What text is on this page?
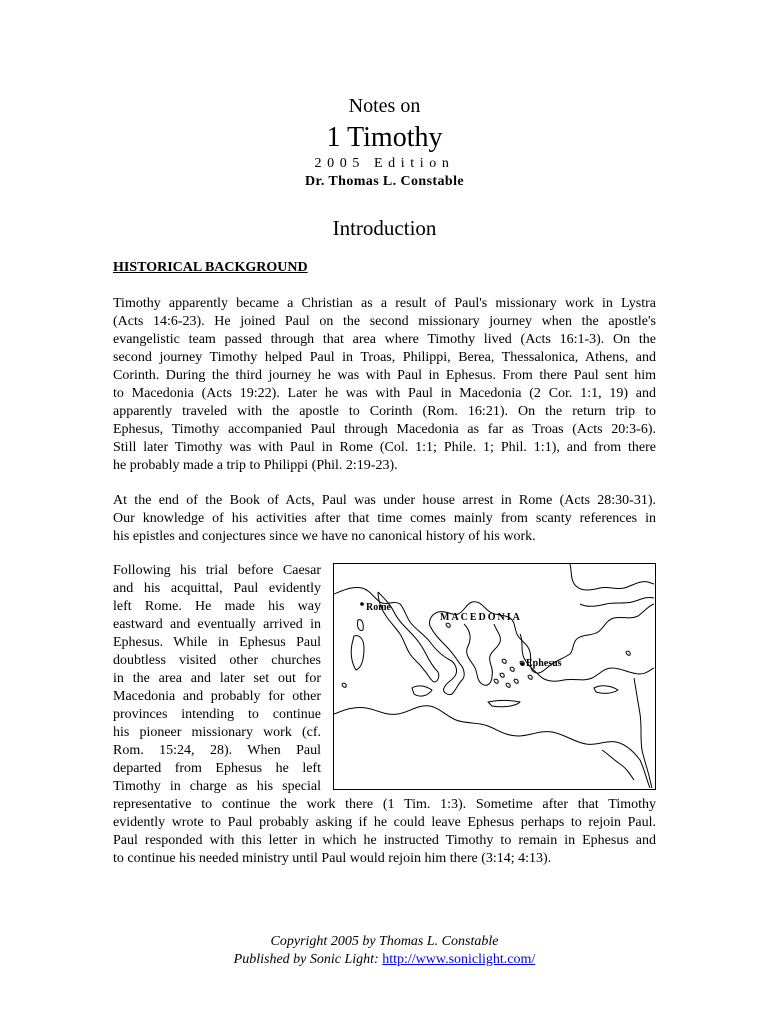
Notes on
1 Timothy
2005 Edition
Dr. Thomas L. Constable
Introduction
HISTORICAL BACKGROUND
Timothy apparently became a Christian as a result of Paul's missionary work in Lystra
(Acts 14:6-23). He joined Paul on the second missionary journey when the apostle's
evangelistic team passed through that area where Timothy lived (Acts 16:1-3). On the
second journey Timothy helped Paul in Troas, Philippi, Berea, Thessalonica, Athens, and
Corinth. During the third journey he was with Paul in Ephesus. From there Paul sent him
to Macedonia (Acts 19:22). Later he was with Paul in Macedonia (2 Cor. 1:1, 19) and
apparently traveled with the apostle to Corinth (Rom. 16:21). On the return trip to
Ephesus, Timothy accompanied Paul through Macedonia as far as Troas (Acts 20:3-6).
Still later Timothy was with Paul in Rome (Col. 1:1; Phile. 1; Phil. 1:1), and from there
he probably made a trip to Philippi (Phil. 2:19-23).
At the end of the Book of Acts, Paul was under house arrest in Rome (Acts 28:30-31).
Our knowledge of his activities after that time comes mainly from scanty references in
his epistles and conjectures since we have no canonical history of his work.
Following his trial before Caesar
and his acquittal, Paul evidently
left Rome. He made his way
eastward and eventually arrived in
Ephesus. While in Ephesus Paul
doubtless visited other churches
in the area and later set out for
Macedonia and probably for other
provinces intending to continue
his pioneer missionary work (cf.
Rom. 15:24, 28). When Paul
departed from Ephesus he left
Timothy in charge as his special
Rome
MACEDONIA
Ephesus
representative to continue the work there (1 Tim. 1:3). Sometime after that Timothy
evidently wrote to Paul probably asking if he could leave Ephesus perhaps to rejoin Paul.
Paul responded with this letter in which he instructed Timothy to remain in Ephesus and
to continue his needed ministry until Paul would rejoin him there (3:14; 4:13).
Copyright 2005 by Thomas L. Constable
Published by Sonic Light: http://www.soniclight.com/
